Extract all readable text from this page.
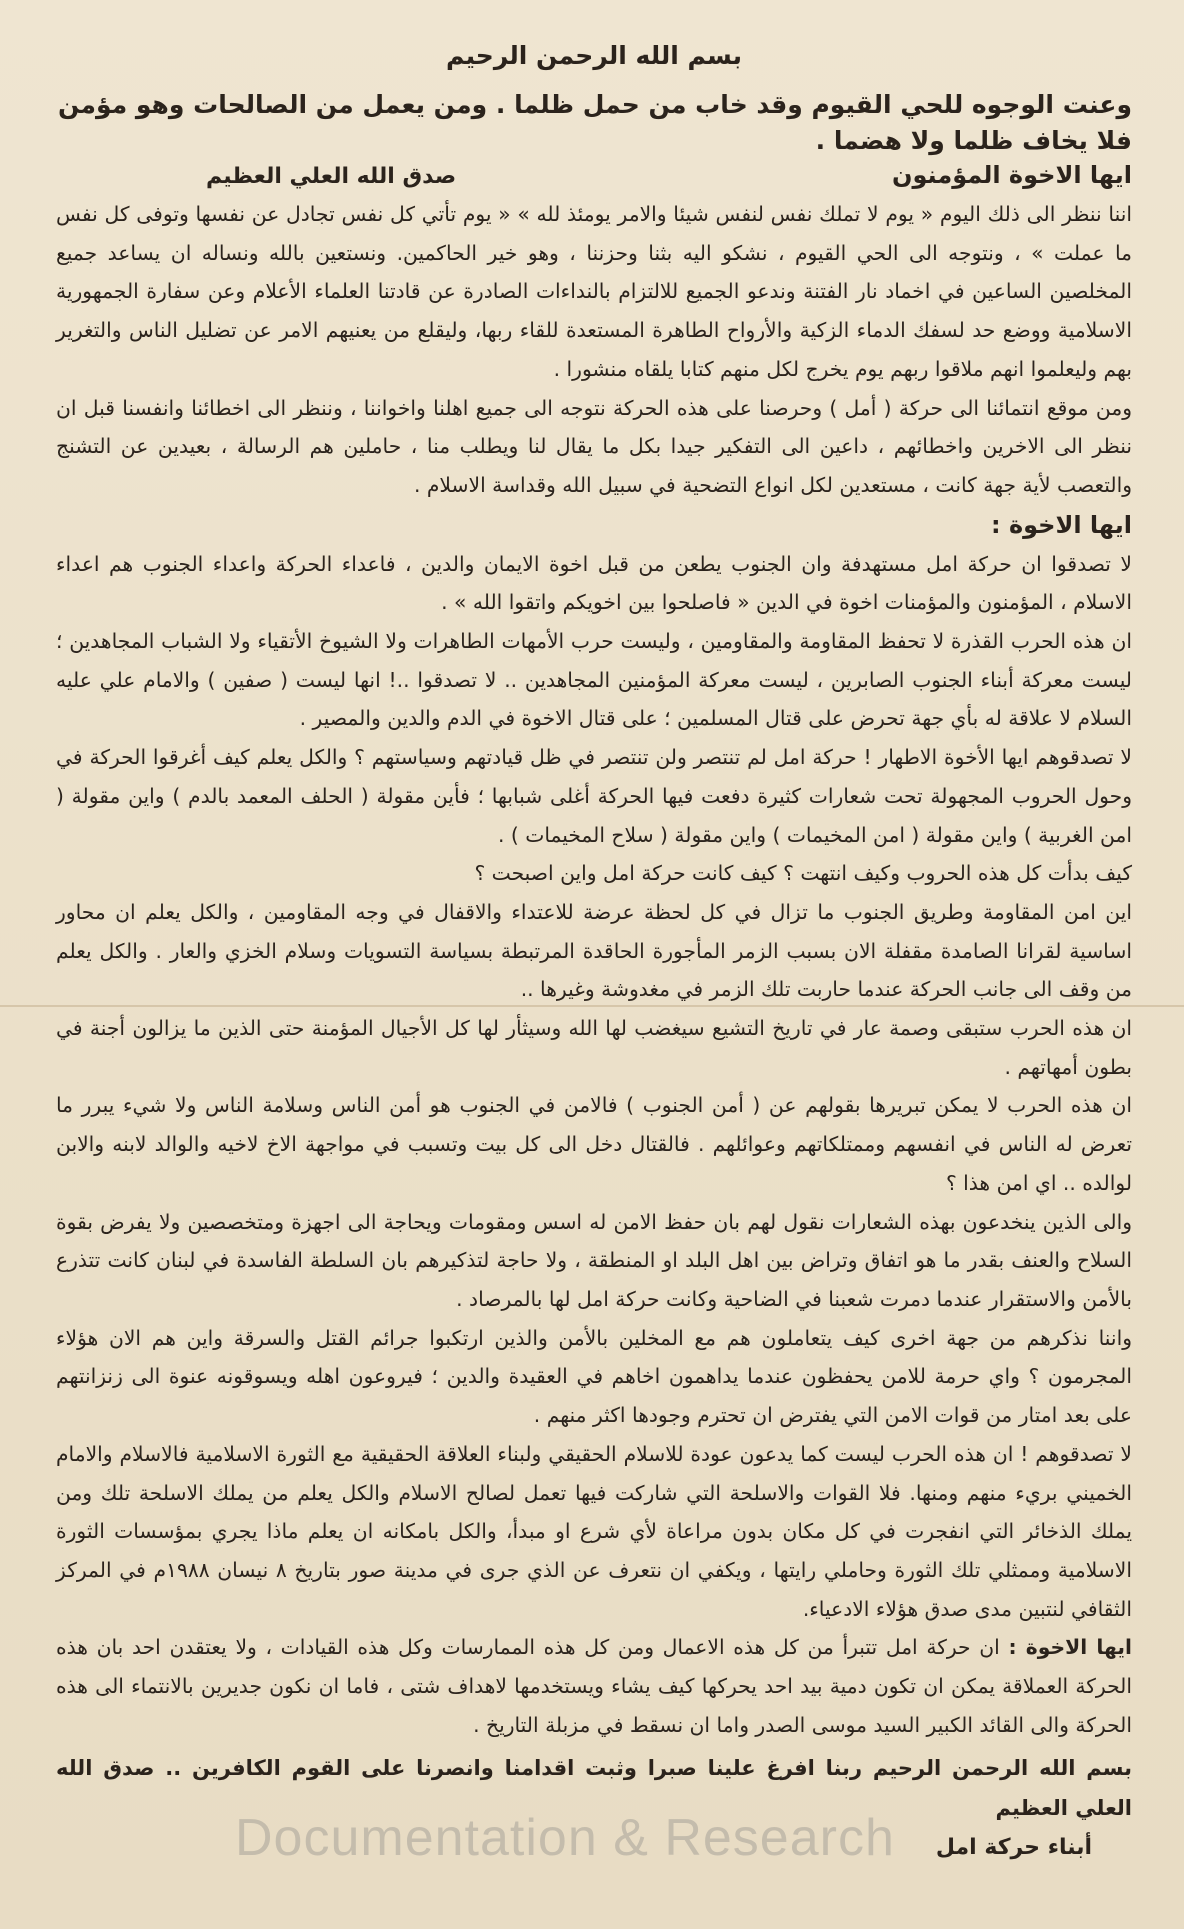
بسم الله الرحمن الرحيم

وعنت الوجوه للحي القيوم وقد خاب من حمل ظلما . ومن يعمل من الصالحات وهو مؤمن فلا يخاف ظلما ولا هضما .

ايها الاخوة المؤمنون
صدق الله العلي العظيم

اننا ننظر الى ذلك اليوم « يوم لا تملك نفس لنفس شيئا والامر يومئذ لله » « يوم تأتي كل نفس تجادل عن نفسها وتوفى كل نفس ما عملت » ، ونتوجه الى الحي القيوم ، نشكو اليه بثنا وحزننا ، وهو خير الحاكمين. ونستعين بالله ونساله ان يساعد جميع المخلصين الساعين في اخماد نار الفتنة وندعو الجميع للالتزام بالنداءات الصادرة عن قادتنا العلماء الأعلام وعن سفارة الجمهورية الاسلامية ووضع حد لسفك الدماء الزكية والأرواح الطاهرة المستعدة للقاء ربها، وليقلع من يعنيهم الامر عن تضليل الناس والتغرير بهم وليعلموا انهم ملاقوا ربهم يوم يخرج لكل منهم كتابا يلقاه منشورا .

ومن موقع انتمائنا الى حركة ( أمل ) وحرصنا على هذه الحركة نتوجه الى جميع اهلنا واخواننا ، وننظر الى اخطائنا وانفسنا قبل ان ننظر الى الاخرين واخطائهم ، داعين الى التفكير جيدا بكل ما يقال لنا ويطلب منا ، حاملين هم الرسالة ، بعيدين عن التشنج والتعصب لأية جهة كانت ، مستعدين لكل انواع التضحية في سبيل الله وقداسة الاسلام .

ايها الاخوة :

لا تصدقوا ان حركة امل مستهدفة وان الجنوب يطعن من قبل اخوة الايمان والدين ، فاعداء الحركة واعداء الجنوب هم اعداء الاسلام ، المؤمنون والمؤمنات اخوة في الدين « فاصلحوا بين اخويكم واتقوا الله » .

ان هذه الحرب القذرة لا تحفظ المقاومة والمقاومين ، وليست حرب الأمهات الطاهرات ولا الشيوخ الأتقياء ولا الشباب المجاهدين ؛ ليست معركة أبناء الجنوب الصابرين ، ليست معركة المؤمنين المجاهدين .. لا تصدقوا ..! انها ليست ( صفين ) والامام علي عليه السلام لا علاقة له بأي جهة تحرض على قتال المسلمين ؛ على قتال الاخوة في الدم والدين والمصير .

لا تصدقوهم ايها الأخوة الاطهار ! حركة امل لم تنتصر ولن تنتصر في ظل قيادتهم وسياستهم ؟ والكل يعلم كيف أغرقوا الحركة في وحول الحروب المجهولة تحت شعارات كثيرة دفعت فيها الحركة أغلى شبابها ؛ فأين مقولة ( الحلف المعمد بالدم ) واين مقولة ( امن الغربية ) واين مقولة ( امن المخيمات ) واين مقولة ( سلاح المخيمات ) .

كيف بدأت كل هذه الحروب وكيف انتهت ؟ كيف كانت حركة امل واين اصبحت ؟

اين امن المقاومة وطريق الجنوب ما تزال في كل لحظة عرضة للاعتداء والاقفال في وجه المقاومين ، والكل يعلم ان محاور اساسية لقرانا الصامدة مقفلة الان بسبب الزمر المأجورة الحاقدة المرتبطة بسياسة التسويات وسلام الخزي والعار . والكل يعلم من وقف الى جانب الحركة عندما حاربت تلك الزمر في مغدوشة وغيرها ..

ان هذه الحرب ستبقى وصمة عار في تاريخ التشيع سيغضب لها الله وسيثأر لها كل الأجيال المؤمنة حتى الذين ما يزالون أجنة في بطون أمهاتهم .

ان هذه الحرب لا يمكن تبريرها بقولهم عن ( أمن الجنوب ) فالامن في الجنوب هو أمن الناس وسلامة الناس ولا شيء يبرر ما تعرض له الناس في انفسهم وممتلكاتهم وعوائلهم . فالقتال دخل الى كل بيت وتسبب في مواجهة الاخ لاخيه والوالد لابنه والابن لوالده .. اي امن هذا ؟

والى الذين ينخدعون بهذه الشعارات نقول لهم بان حفظ الامن له اسس ومقومات ويحاجة الى اجهزة ومتخصصين ولا يفرض بقوة السلاح والعنف بقدر ما هو اتفاق وتراض بين اهل البلد او المنطقة ، ولا حاجة لتذكيرهم بان السلطة الفاسدة في لبنان كانت تتذرع بالأمن والاستقرار عندما دمرت شعبنا في الضاحية وكانت حركة امل لها بالمرصاد .

واننا نذكرهم من جهة اخرى كيف يتعاملون هم مع المخلين بالأمن والذين ارتكبوا جرائم القتل والسرقة واين هم الان هؤلاء المجرمون ؟ واي حرمة للامن يحفظون عندما يداهمون اخاهم في العقيدة والدين ؛ فيروعون اهله ويسوقونه عنوة الى زنزانتهم على بعد امتار من قوات الامن التي يفترض ان تحترم وجودها اكثر منهم .

لا تصدقوهم ! ان هذه الحرب ليست كما يدعون عودة للاسلام الحقيقي ولبناء العلاقة الحقيقية مع الثورة الاسلامية فالاسلام والامام الخميني بريء منهم ومنها. فلا القوات والاسلحة التي شاركت فيها تعمل لصالح الاسلام والكل يعلم من يملك الاسلحة تلك ومن يملك الذخائر التي انفجرت في كل مكان بدون مراعاة لأي شرع او مبدأ، والكل بامكانه ان يعلم ماذا يجري بمؤسسات الثورة الاسلامية وممثلي تلك الثورة وحاملي رايتها ، ويكفي ان نتعرف عن الذي جرى في مدينة صور بتاريخ ٨ نيسان ١٩٨٨م في المركز الثقافي لنتبين مدى صدق هؤلاء الادعياء.

ايها الاخوة : ان حركة امل تتبرأ من كل هذه الاعمال ومن كل هذه الممارسات وكل هذه القيادات ، ولا يعتقدن احد بان هذه الحركة العملاقة يمكن ان تكون دمية بيد احد يحركها كيف يشاء ويستخدمها لاهداف شتى ، فاما ان نكون جديرين بالانتماء الى هذه الحركة والى القائد الكبير السيد موسى الصدر واما ان نسقط في مزبلة التاريخ .

بسم الله الرحمن الرحيم ربنا افرغ علينا صبرا وثبت اقدامنا وانصرنا على القوم الكافرين .. صدق الله العلي العظيم

أبناء حركة امل

Documentation & Research
